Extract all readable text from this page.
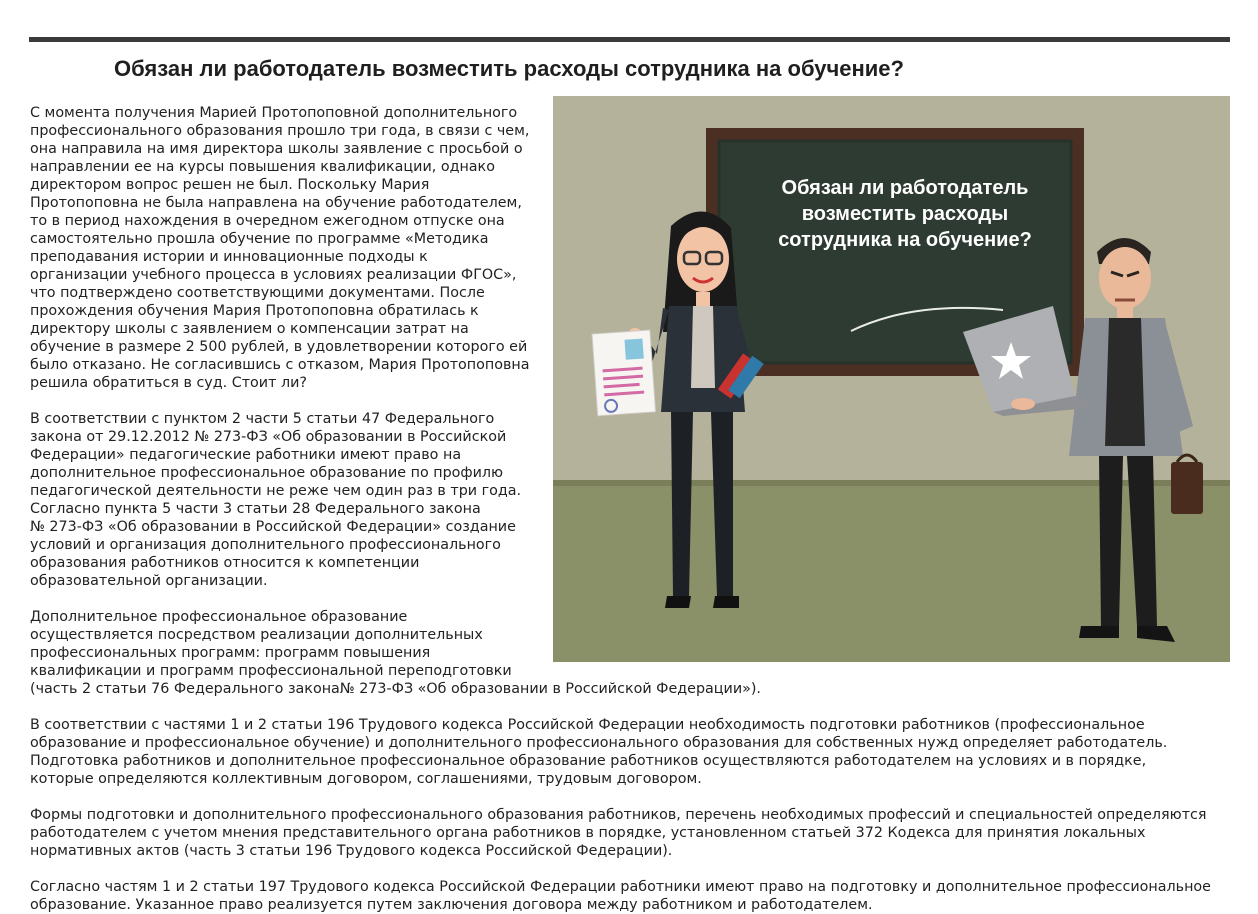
Обязан ли работодатель возместить расходы сотрудника на обучение?

С момента получения Марией Протопоповной дополнительного
профессионального образования прошло три года, в связи с чем,
она направила на имя директора школы заявление с просьбой о
направлении ее на курсы повышения квалификации, однако
директором вопрос решен не был. Поскольку Мария
Протопоповна не была направлена на обучение работодателем,
то в период нахождения в очередном ежегодном отпуске она
самостоятельно прошла обучение по программе «Методика
преподавания истории и инновационные подходы к
организации учебного процесса в условиях реализации ФГОС»,
что подтверждено соответствующими документами. После
прохождения обучения Мария Протопоповна обратилась к
директору школы с заявлением о компенсации затрат на
обучение в размере 2 500 рублей, в удовлетворении которого ей
было отказано. Не согласившись с отказом, Мария Протопоповна
решила обратиться в суд. Стоит ли?

В соответствии с пунктом 2 части 5 статьи 47 Федерального
закона от 29.12.2012 № 273-ФЗ «Об образовании в Российской
Федерации» педагогические работники имеют право на
дополнительное профессиональное образование по профилю
педагогической деятельности не реже чем один раз в три года.
Согласно пункта 5 части 3 статьи 28 Федерального закона
№ 273-ФЗ «Об образовании в Российской Федерации» создание
условий и организация дополнительного профессионального
образования работников относится к компетенции
образовательной организации.

Дополнительное профессиональное образование
осуществляется посредством реализации дополнительных
профессиональных программ: программ повышения
квалификации и программ профессиональной переподготовки
(часть 2 статьи 76 Федерального закона№ 273-ФЗ «Об образовании в Российской Федерации»).

В соответствии с частями 1 и 2 статьи 196 Трудового кодекса Российской Федерации необходимость подготовки работников (профессиональное
образование и профессиональное обучение) и дополнительного профессионального образования для собственных нужд определяет работодатель.
Подготовка работников и дополнительное профессиональное образование работников осуществляются работодателем на условиях и в порядке,
которые определяются коллективным договором, соглашениями, трудовым договором.

Формы подготовки и дополнительного профессионального образования работников, перечень необходимых профессий и специальностей определяются
работодателем с учетом мнения представительного органа работников в порядке, установленном статьей 372 Кодекса для принятия локальных
нормативных актов (часть 3 статьи 196 Трудового кодекса Российской Федерации).

Согласно частям 1 и 2 статьи 197 Трудового кодекса Российской Федерации работники имеют право на подготовку и дополнительное профессиональное
образование. Указанное право реализуется путем заключения договора между работником и работодателем.

Обязан ли работодатель
возместить расходы
сотрудника на обучение?
